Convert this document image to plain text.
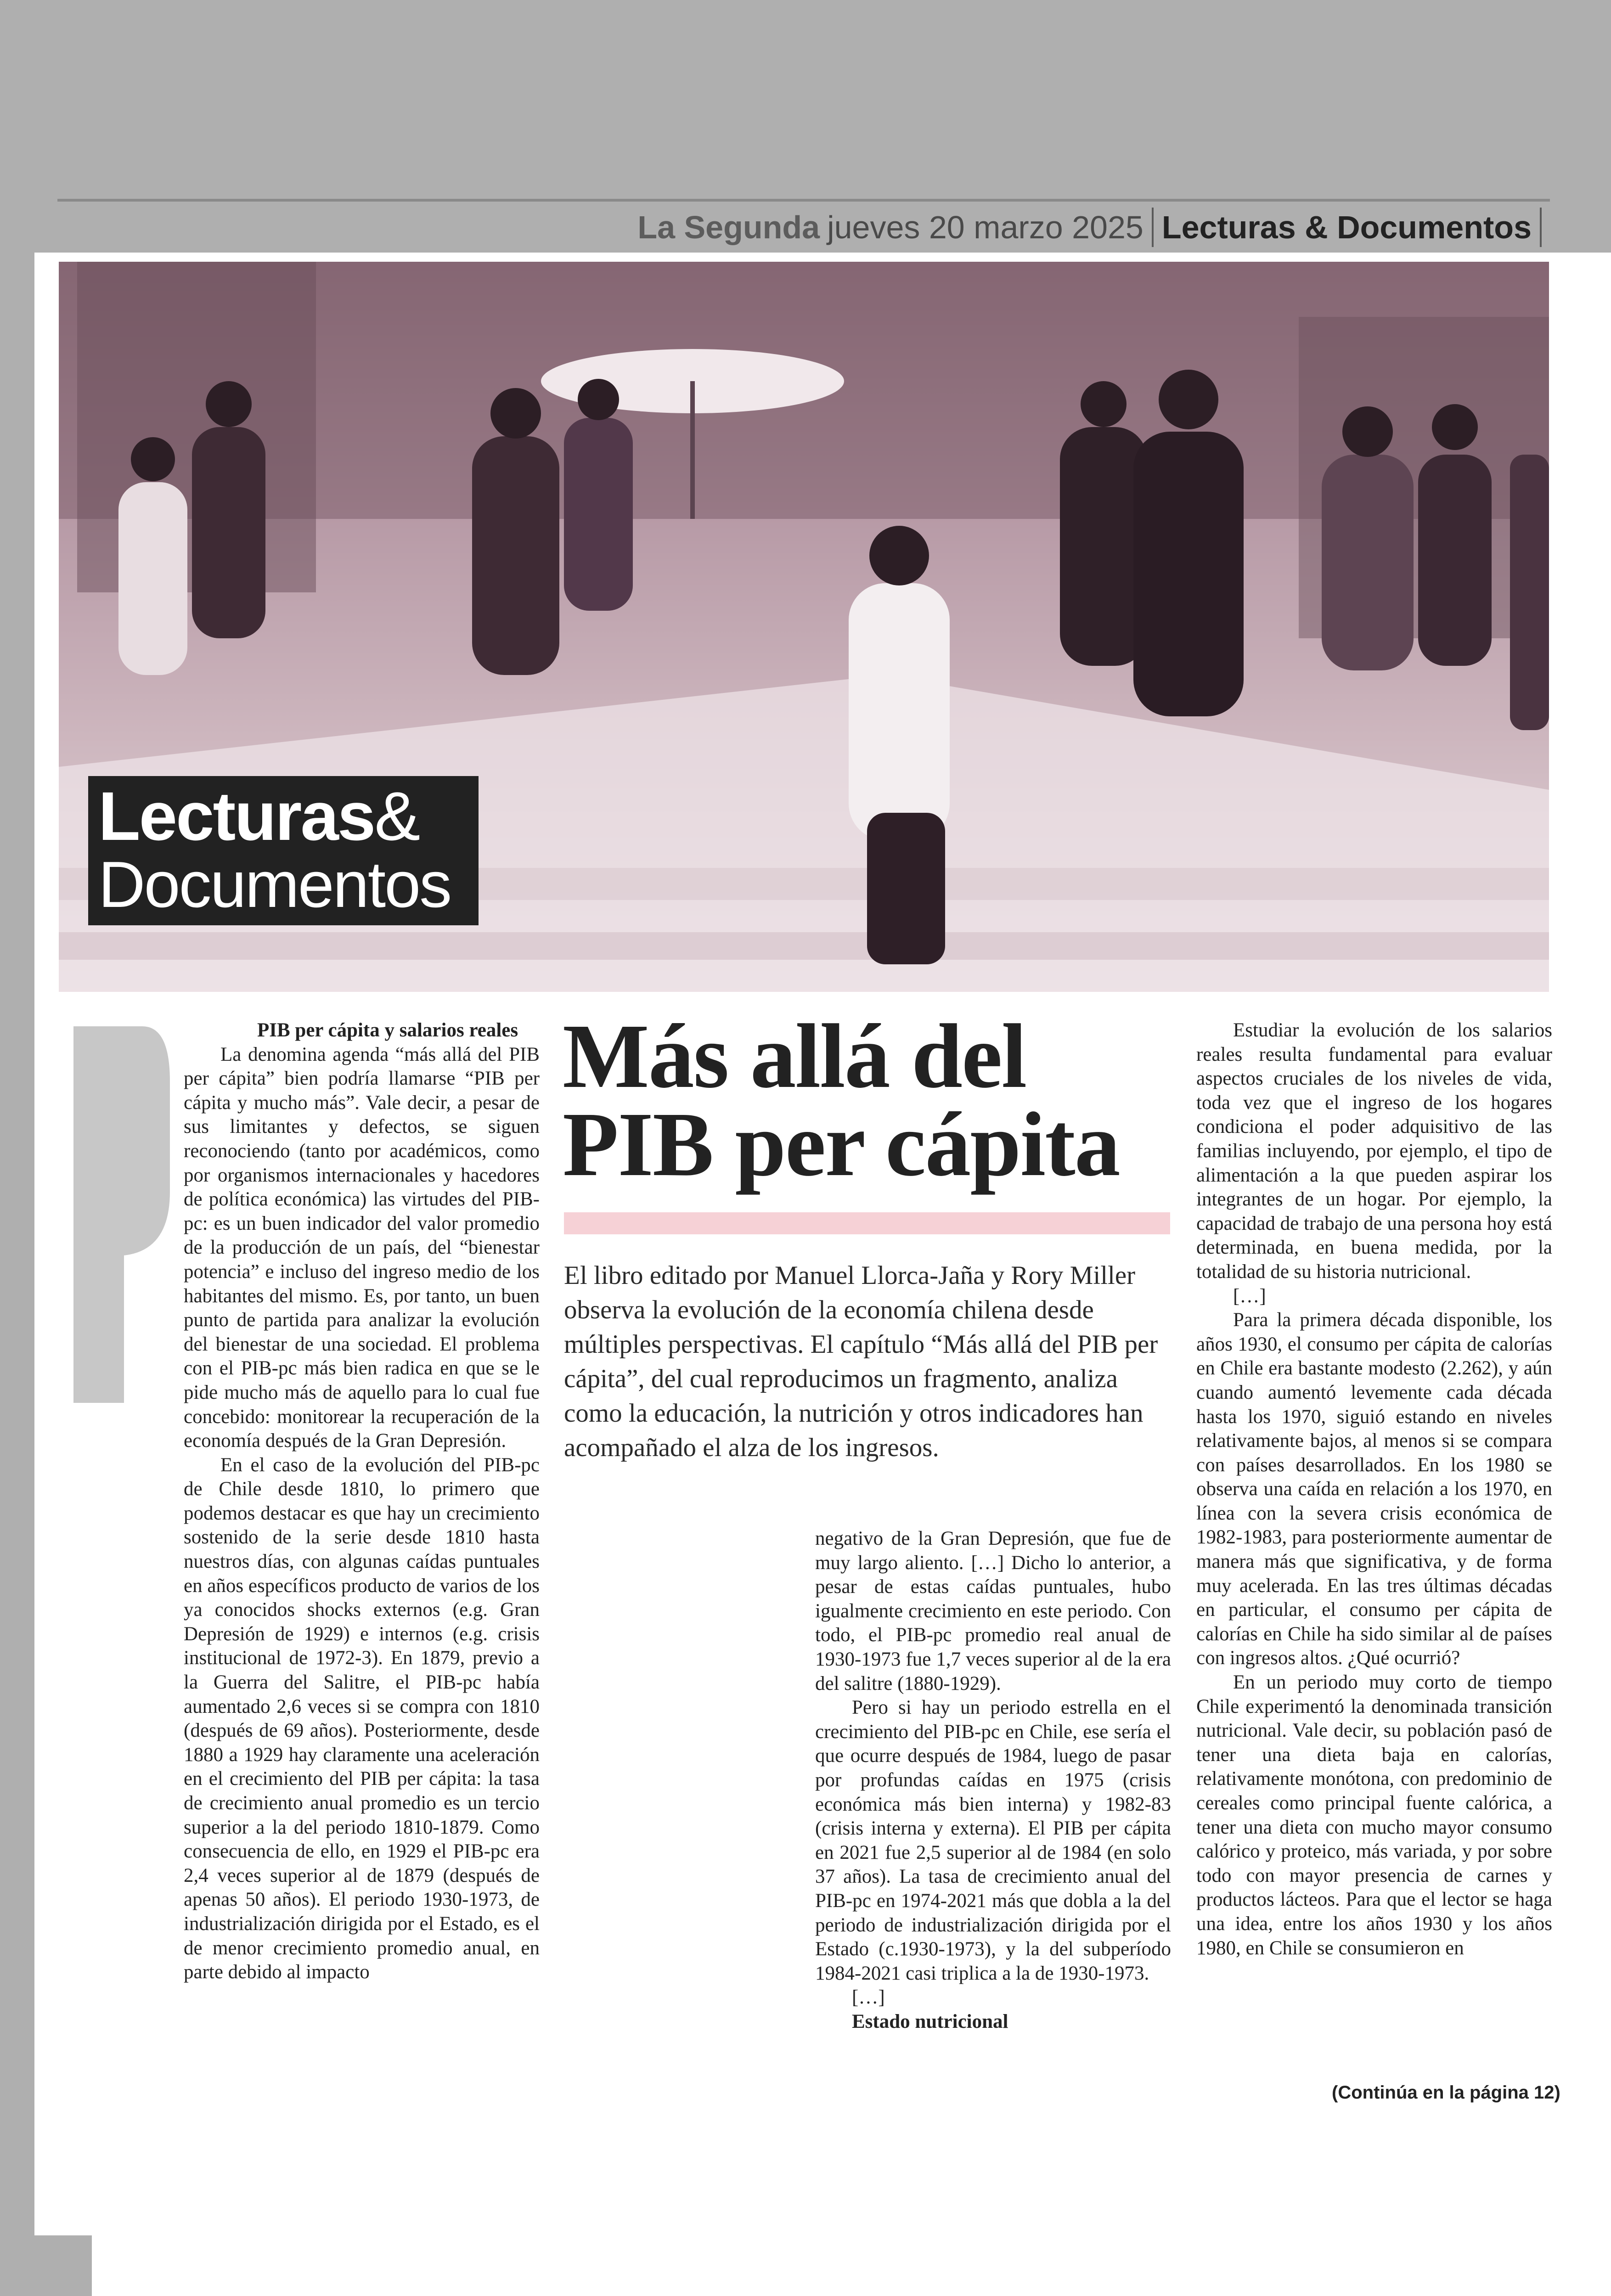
La Segunda jueves 20 marzo 2025 Lecturas & Documentos
Lecturas&
Documentos

PIB per cápita y salarios reales

La denomina agenda “más allá del PIB per cápita” bien podría llamarse “PIB per cápita y mucho más”. Vale decir, a pesar de sus limitantes y defectos, se siguen reconociendo (tanto por académicos, como por organismos internacionales y hacedores de política económica) las virtudes del PIB-pc: es un buen indicador del valor promedio de la producción de un país, del “bienestar potencia” e incluso del ingreso medio de los habitantes del mismo. Es, por tanto, un buen punto de partida para analizar la evolución del bienestar de una sociedad. El problema con el PIB-pc más bien radica en que se le pide mucho más de aquello para lo cual fue concebido: monitorear la recuperación de la economía después de la Gran Depresión.

En el caso de la evolución del PIB-pc de Chile desde 1810, lo primero que podemos destacar es que hay un crecimiento sostenido de la serie desde 1810 hasta nuestros días, con algunas caídas puntuales en años específicos producto de varios de los ya conocidos shocks externos (e.g. Gran Depresión de 1929) e internos (e.g. crisis institucional de 1972-3). En 1879, previo a la Guerra del Salitre, el PIB-pc había aumentado 2,6 veces si se compra con 1810 (después de 69 años). Posteriormente, desde 1880 a 1929 hay claramente una aceleración en el crecimiento del PIB per cápita: la tasa de crecimiento anual promedio es un tercio superior a la del periodo 1810-1879. Como consecuencia de ello, en 1929 el PIB-pc era 2,4 veces superior al de 1879 (después de apenas 50 años). El periodo 1930-1973, de industrialización dirigida por el Estado, es el de menor crecimiento promedio anual, en parte debido al impacto

Más allá del
PIB per cápita
El libro editado por Manuel Llorca-Jaña y Rory Miller observa la evolución de la economía chilena desde múltiples perspectivas. El capítulo “Más allá del PIB per cápita”, del cual reproducimos un fragmento, analiza como la educación, la nutrición y otros indicadores han acompañado el alza de los ingresos.

negativo de la Gran Depresión, que fue de muy largo aliento. […] Dicho lo anterior, a pesar de estas caídas puntuales, hubo igualmente crecimiento en este periodo. Con todo, el PIB-pc promedio real anual de 1930-1973 fue 1,7 veces superior al de la era del salitre (1880-1929).

Pero si hay un periodo estrella en el crecimiento del PIB-pc en Chile, ese sería el que ocurre después de 1984, luego de pasar por profundas caídas en 1975 (crisis económica más bien interna) y 1982-83 (crisis interna y externa). El PIB per cápita en 2021 fue 2,5 superior al de 1984 (en solo 37 años). La tasa de crecimiento anual del PIB-pc en 1974-2021 más que dobla a la del periodo de industrialización dirigida por el Estado (c.1930-1973), y la del subperíodo 1984-2021 casi triplica a la de 1930-1973.

[…]

Estado nutricional

Estudiar la evolución de los salarios reales resulta fundamental para evaluar aspectos cruciales de los niveles de vida, toda vez que el ingreso de los hogares condiciona el poder adquisitivo de las familias incluyendo, por ejemplo, el tipo de alimentación a la que pueden aspirar los integrantes de un hogar. Por ejemplo, la capacidad de trabajo de una persona hoy está determinada, en buena medida, por la totalidad de su historia nutricional.

[…]

Para la primera década disponible, los años 1930, el consumo per cápita de calorías en Chile era bastante modesto (2.262), y aún cuando aumentó levemente cada década hasta los 1970, siguió estando en niveles relativamente bajos, al menos si se compara con países desarrollados. En los 1980 se observa una caída en relación a los 1970, en línea con la severa crisis económica de 1982-1983, para posteriormente aumentar de manera más que significativa, y de forma muy acelerada. En las tres últimas décadas en particular, el consumo per cápita de calorías en Chile ha sido similar al de países con ingresos altos. ¿Qué ocurrió?

En un periodo muy corto de tiempo Chile experimentó la denominada transición nutricional. Vale decir, su población pasó de tener una dieta baja en calorías, relativamente monótona, con predominio de cereales como principal fuente calórica, a tener una dieta con mucho mayor consumo calórico y proteico, más variada, y por sobre todo con mayor presencia de carnes y productos lácteos. Para que el lector se haga una idea, entre los años 1930 y los años 1980, en Chile se consumieron en

(Continúa en la página 12)
